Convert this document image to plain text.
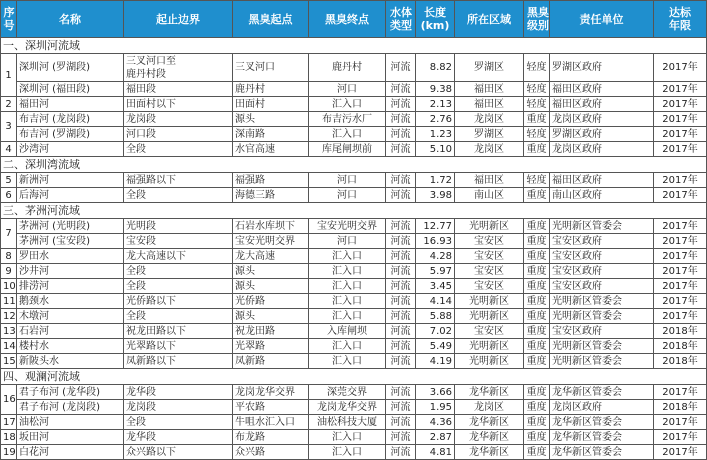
序号	名称	起止边界	黑臭起点	黑臭终点	水体类型	长度(km)	所在区域	黑臭级别	责任单位	达标年限
一、深圳河流域										
1	深圳河 (罗湖段)	三叉河口至
鹿丹村段	三叉河口	鹿丹村	河流	8.82	罗湖区	轻度	罗湖区政府	2017年
	深圳河 (福田段)	福田段	鹿丹村	河口	河流	9.38	福田区	轻度	福田区政府	2017年
2	福田河	田面村以下	田面村	汇入口	河流	2.13	福田区	轻度	福田区政府	2017年
3	布吉河 (龙岗段)	龙岗段	源头	布吉污水厂	河流	2.76	龙岗区	重度	龙岗区政府	2017年
	布吉河 (罗湖段)	河口段	深南路	汇入口	河流	1.23	罗湖区	轻度	罗湖区政府	2017年
4	沙湾河	全段	水官高速	库尾闸坝前	河流	5.10	龙岗区	重度	龙岗区政府	2017年
二、深圳湾流域										
5	新洲河	福强路以下	福强路	河口	河流	1.72	福田区	轻度	福田区政府	2017年
6	后海河	全段	海德三路	河口	河流	3.98	南山区	重度	南山区政府	2017年
三、茅洲河流域										
7	茅洲河 (光明段)	光明段	石岩水库坝下	宝安光明交界	河流	12.77	光明新区	重度	光明新区管委会	2017年
	茅洲河 (宝安段)	宝安段	宝安光明交界	河口	河流	16.93	宝安区	重度	宝安区政府	2017年
8	罗田水	龙大高速以下	龙大高速	汇入口	河流	4.28	宝安区	重度	宝安区政府	2017年
9	沙井河	全段	源头	汇入口	河流	5.97	宝安区	重度	宝安区政府	2017年
10	排涝河	全段	源头	汇入口	河流	3.45	宝安区	重度	宝安区政府	2017年
11	鹅颈水	光侨路以下	光侨路	汇入口	河流	4.14	光明新区	重度	光明新区管委会	2017年
12	木墩河	全段	源头	汇入口	河流	5.88	光明新区	重度	光明新区管委会	2017年
13	石岩河	祝龙田路以下	祝龙田路	入库闸坝	河流	7.02	宝安区	重度	宝安区政府	2018年
14	楼村水	光翠路以下	光翠路	汇入口	河流	5.49	光明新区	重度	光明新区管委会	2018年
15	新陂头水	凤新路以下	凤新路	汇入口	河流	4.19	光明新区	重度	光明新区管委会	2018年
四、观澜河流域										
16	君子布河 (龙华段)	龙华段	龙岗龙华交界	深莞交界	河流	3.66	龙华新区	重度	龙华新区管委会	2017年
	君子布河 (龙岗段)	龙岗段	平农路	龙岗龙华交界	河流	1.95	龙岗区	重度	龙岗区政府	2018年
17	油松河	全段	牛咀水汇入口	油松科技大厦	河流	4.36	龙华新区	重度	龙华新区管委会	2017年
18	坂田河	龙华段	布龙路	汇入口	河流	2.87	龙华新区	重度	龙华新区管委会	2017年
19	白花河	众兴路以下	众兴路	汇入口	河流	4.81	龙华新区	重度	龙华新区管委会	2017年
